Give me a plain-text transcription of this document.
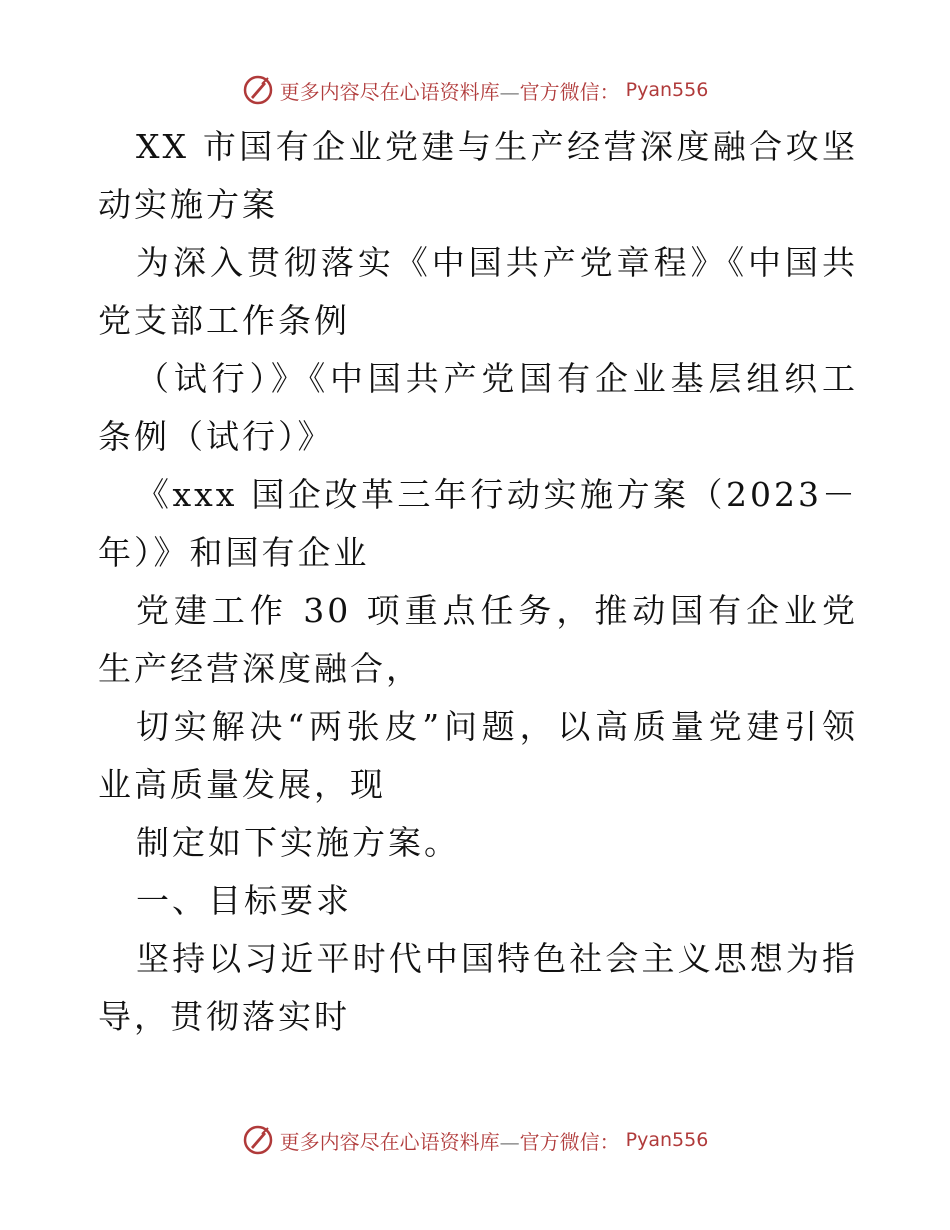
更多内容尽在心语资料库—官方微信： Pyan556
XX 市国有企业党建与生产经营深度融合攻坚
动实施方案
为深入贯彻落实《中国共产党章程》《中国共
党支部工作条例
（试行）》《中国共产党国有企业基层组织工
条例（试行）》
《xxx 国企改革三年行动实施方案（2023－
年）》和国有企业
党建工作 30 项重点任务，推动国有企业党
生产经营深度融合，
切实解决“两张皮”问题，以高质量党建引领
业高质量发展，现
制定如下实施方案。
一、目标要求
坚持以习近平时代中国特色社会主义思想为指
导，贯彻落实时
更多内容尽在心语资料库—官方微信： Pyan556
